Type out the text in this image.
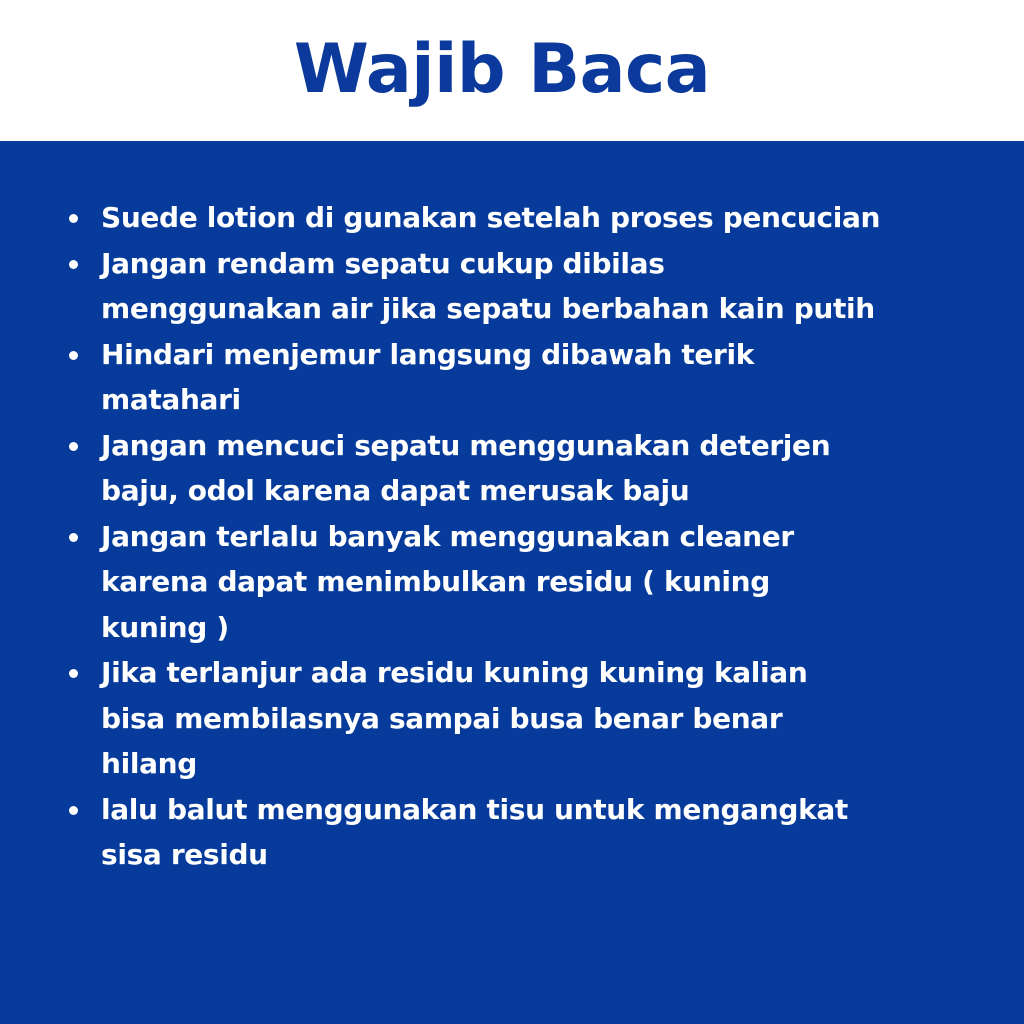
Wajib Baca
Suede lotion di gunakan setelah proses pencucian
Jangan rendam sepatu cukup dibilas
menggunakan air jika sepatu berbahan kain putih
Hindari menjemur langsung dibawah terik
matahari
Jangan mencuci sepatu menggunakan deterjen
baju, odol karena dapat merusak baju
Jangan terlalu banyak menggunakan cleaner
karena dapat menimbulkan residu ( kuning
kuning )
Jika terlanjur ada residu kuning kuning kalian
bisa membilasnya sampai busa benar benar
hilang
lalu balut menggunakan tisu untuk mengangkat
sisa residu
